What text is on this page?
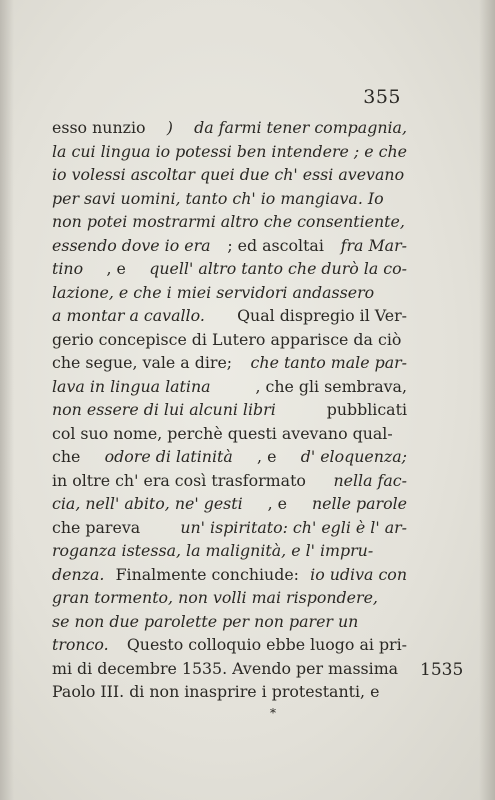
355
esso nunzio ) da farmi tener compagnia,
la cui lingua io potessi ben intendere ; e che
io volessi ascoltar quei due ch' essi avevano
per savi uomini, tanto ch' io mangiava. Io
non potei mostrarmi altro che consentiente,
essendo dove io era ; ed ascoltai fra Mar-
tino , e quell' altro tanto che durò la co-
lazione, e che i miei servidori andassero
a montar a cavallo. Qual dispregio il Ver-
gerio concepisce di Lutero apparisce da ciò
che segue, vale a dire; che tanto male par-
lava in lingua latina	, che gli sembrava,
non essere di lui alcuni libri	pubblicati
col suo nome, perchè questi avevano qual-
che odore di latinità , e d' eloquenza;
in oltre ch' era così trasformato nella fac-
cia, nell' abito, ne' gesti , e nelle parole
che pareva	un' ispiritato: ch' egli è l' ar-
roganza istessa, la malignità, e l' impru-
denza. Finalmente conchiude: io udiva con
gran tormento, non volli mai rispondere,
se non due parolette per non parer un
tronco. Questo colloquio ebbe luogo ai pri-
mi di decembre 1535. Avendo per massima
Paolo III. di non inasprire i protestanti, e
1535
*
